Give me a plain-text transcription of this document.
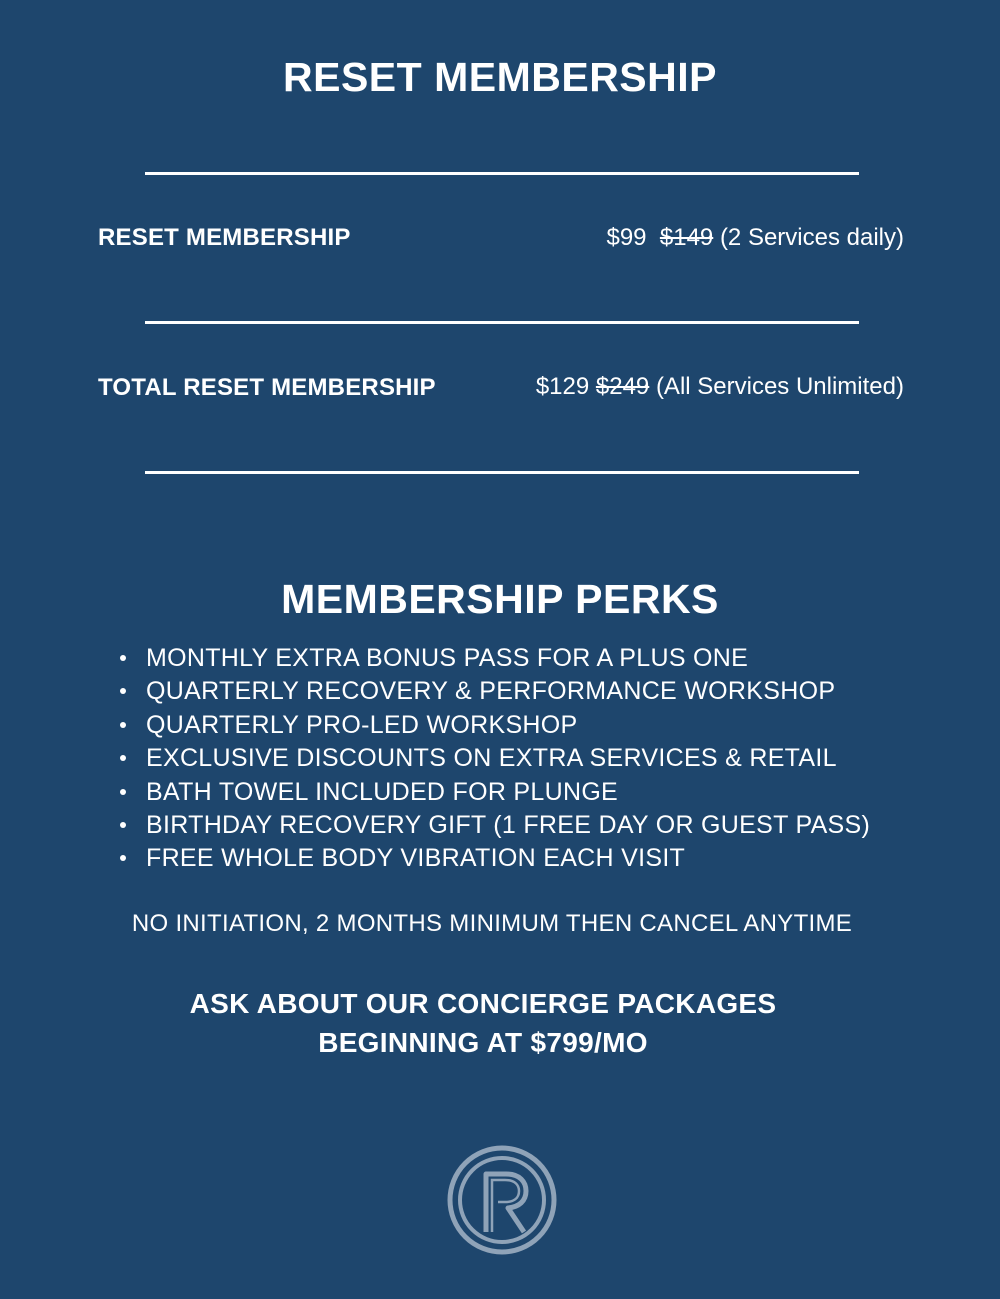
RESET MEMBERSHIP
RESET MEMBERSHIP	$99 $149 (2 Services daily)
TOTAL RESET MEMBERSHIP	$129 $249 (All Services Unlimited)
MEMBERSHIP PERKS
MONTHLY EXTRA BONUS PASS FOR A PLUS ONE
QUARTERLY RECOVERY & PERFORMANCE WORKSHOP
QUARTERLY PRO-LED WORKSHOP
EXCLUSIVE DISCOUNTS ON EXTRA SERVICES & RETAIL
BATH TOWEL INCLUDED FOR PLUNGE
BIRTHDAY RECOVERY GIFT (1 FREE DAY OR GUEST PASS)
FREE WHOLE BODY VIBRATION EACH VISIT
NO INITIATION, 2 MONTHS MINIMUM THEN CANCEL ANYTIME
ASK ABOUT OUR CONCIERGE PACKAGES
BEGINNING AT $799/MO
